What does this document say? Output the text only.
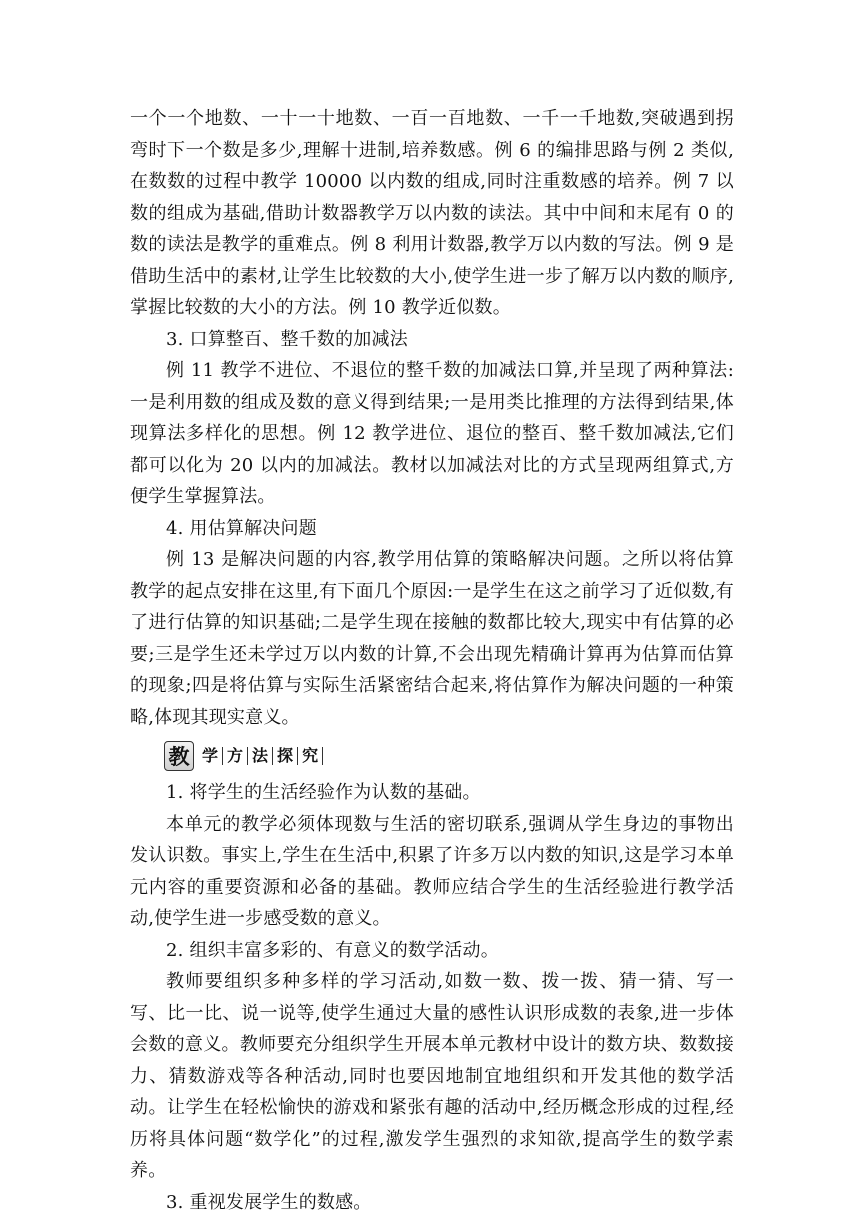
一个一个地数、一十一十地数、一百一百地数、一千一千地数,突破遇到拐弯时下一个数是多少,理解十进制,培养数感。例 6 的编排思路与例 2 类似,在数数的过程中教学 10000 以内数的组成,同时注重数感的培养。例 7 以数的组成为基础,借助计数器教学万以内数的读法。其中中间和末尾有 0 的数的读法是教学的重难点。例 8 利用计数器,教学万以内数的写法。例 9 是借助生活中的素材,让学生比较数的大小,使学生进一步了解万以内数的顺序,掌握比较数的大小的方法。例 10 教学近似数。

3. 口算整百、整千数的加减法

例 11 教学不进位、不退位的整千数的加减法口算,并呈现了两种算法:一是利用数的组成及数的意义得到结果;一是用类比推理的方法得到结果,体现算法多样化的思想。例 12 教学进位、退位的整百、整千数加减法,它们都可以化为 20 以内的加减法。教材以加减法对比的方式呈现两组算式,方便学生掌握算法。

4. 用估算解决问题

例 13 是解决问题的内容,教学用估算的策略解决问题。之所以将估算教学的起点安排在这里,有下面几个原因:一是学生在这之前学习了近似数,有了进行估算的知识基础;二是学生现在接触的数都比较大,现实中有估算的必要;三是学生还未学过万以内数的计算,不会出现先精确计算再为估算而估算的现象;四是将估算与实际生活紧密结合起来,将估算作为解决问题的一种策略,体现其现实意义。

教 学 方 法 探 究

1. 将学生的生活经验作为认数的基础。

本单元的教学必须体现数与生活的密切联系,强调从学生身边的事物出发认识数。事实上,学生在生活中,积累了许多万以内数的知识,这是学习本单元内容的重要资源和必备的基础。教师应结合学生的生活经验进行教学活动,使学生进一步感受数的意义。

2. 组织丰富多彩的、有意义的数学活动。

教师要组织多种多样的学习活动,如数一数、拨一拨、猜一猜、写一写、比一比、说一说等,使学生通过大量的感性认识形成数的表象,进一步体会数的意义。教师要充分组织学生开展本单元教材中设计的数方块、数数接力、猜数游戏等各种活动,同时也要因地制宜地组织和开发其他的数学活动。让学生在轻松愉快的游戏和紧张有趣的活动中,经历概念形成的过程,经历将具体问题“数学化”的过程,激发学生强烈的求知欲,提高学生的数学素养。

3. 重视发展学生的数感。
